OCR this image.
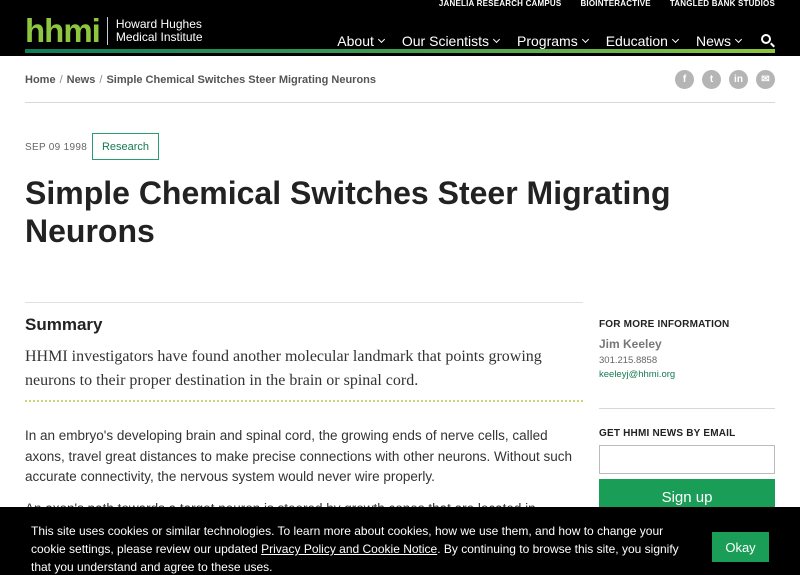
JANELIA RESEARCH CAMPUS BIOINTERACTIVE TANGLED BANK STUDIOS
hhmi Howard Hughes
Medical Institute	About Our Scientists Programs Education News
Home / News / Simple Chemical Switches Steer Migrating Neurons	f	t	in	✉
SEP 09 1998	Research
Simple Chemical Switches Steer Migrating Neurons
Summary

HHMI investigators have found another molecular landmark that points growing neurons to their proper destination in the brain or spinal cord.

In an embryo's developing brain and spinal cord, the growing ends of nerve cells, called axons, travel great distances to make precise connections with other neurons. Without such accurate connectivity, the nervous system would never wire properly.

FOR MORE INFORMATION
Jim Keeley
301.215.8858
keeleyj@hhmi.org
GET HHMI NEWS BY EMAIL
Sign up

This site uses cookies or similar technologies. To learn more about cookies, how we use them, and how to change your cookie settings, please review our updated Privacy Policy and Cookie Notice. By continuing to browse this site, you signify that you understand and agree to these uses.

Okay
